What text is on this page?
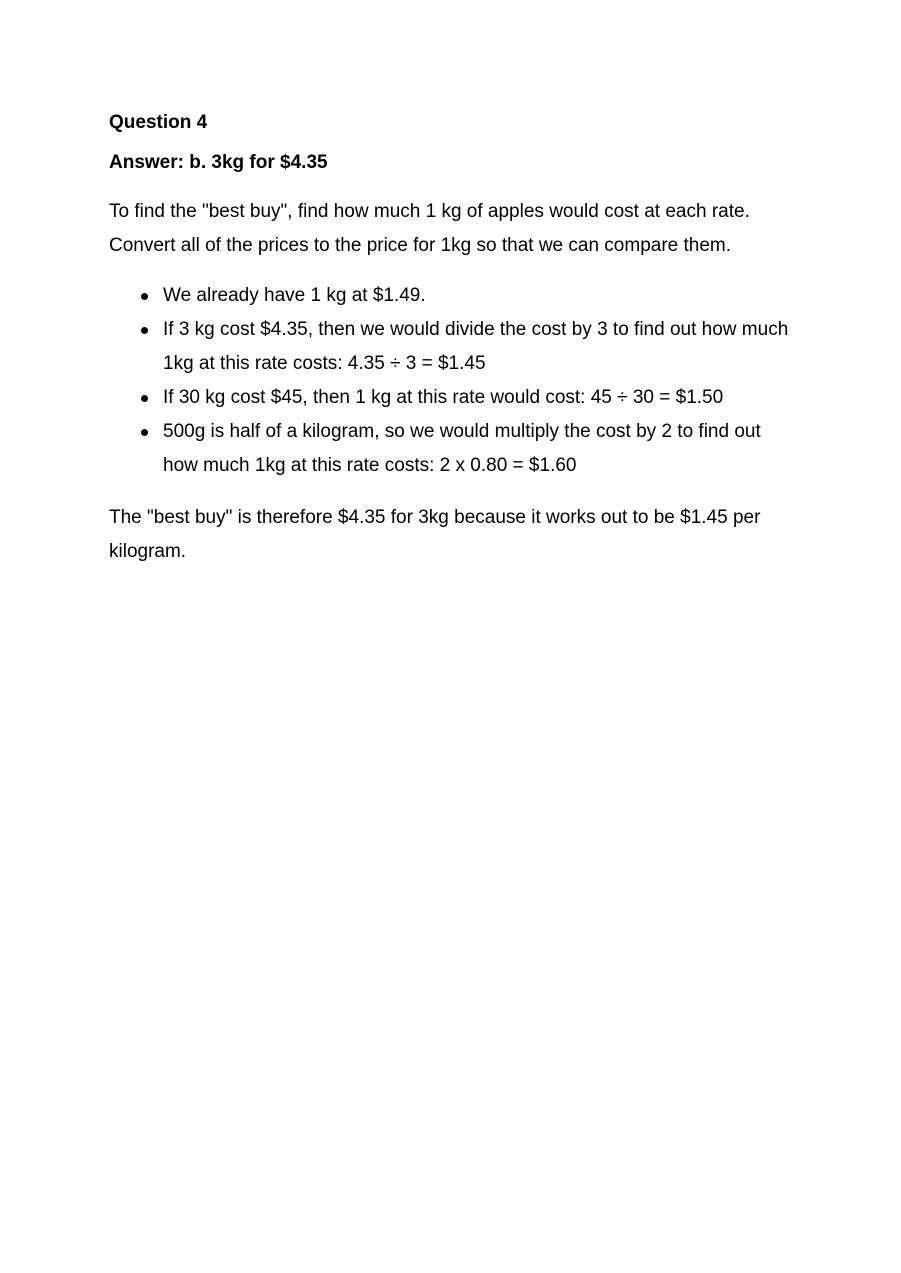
Question 4

Answer: b. 3kg for $4.35

To find the "best buy", find how much 1 kg of apples would cost at each rate. Convert all of the prices to the price for 1kg so that we can compare them.

We already have 1 kg at $1.49.
If 3 kg cost $4.35, then we would divide the cost by 3 to find out how much 1kg at this rate costs: 4.35 ÷ 3 = $1.45
If 30 kg cost $45, then 1 kg at this rate would cost: 45 ÷ 30 = $1.50
500g is half of a kilogram, so we would multiply the cost by 2 to find out how much 1kg at this rate costs: 2 x 0.80 = $1.60

The "best buy" is therefore $4.35 for 3kg because it works out to be $1.45 per kilogram.
